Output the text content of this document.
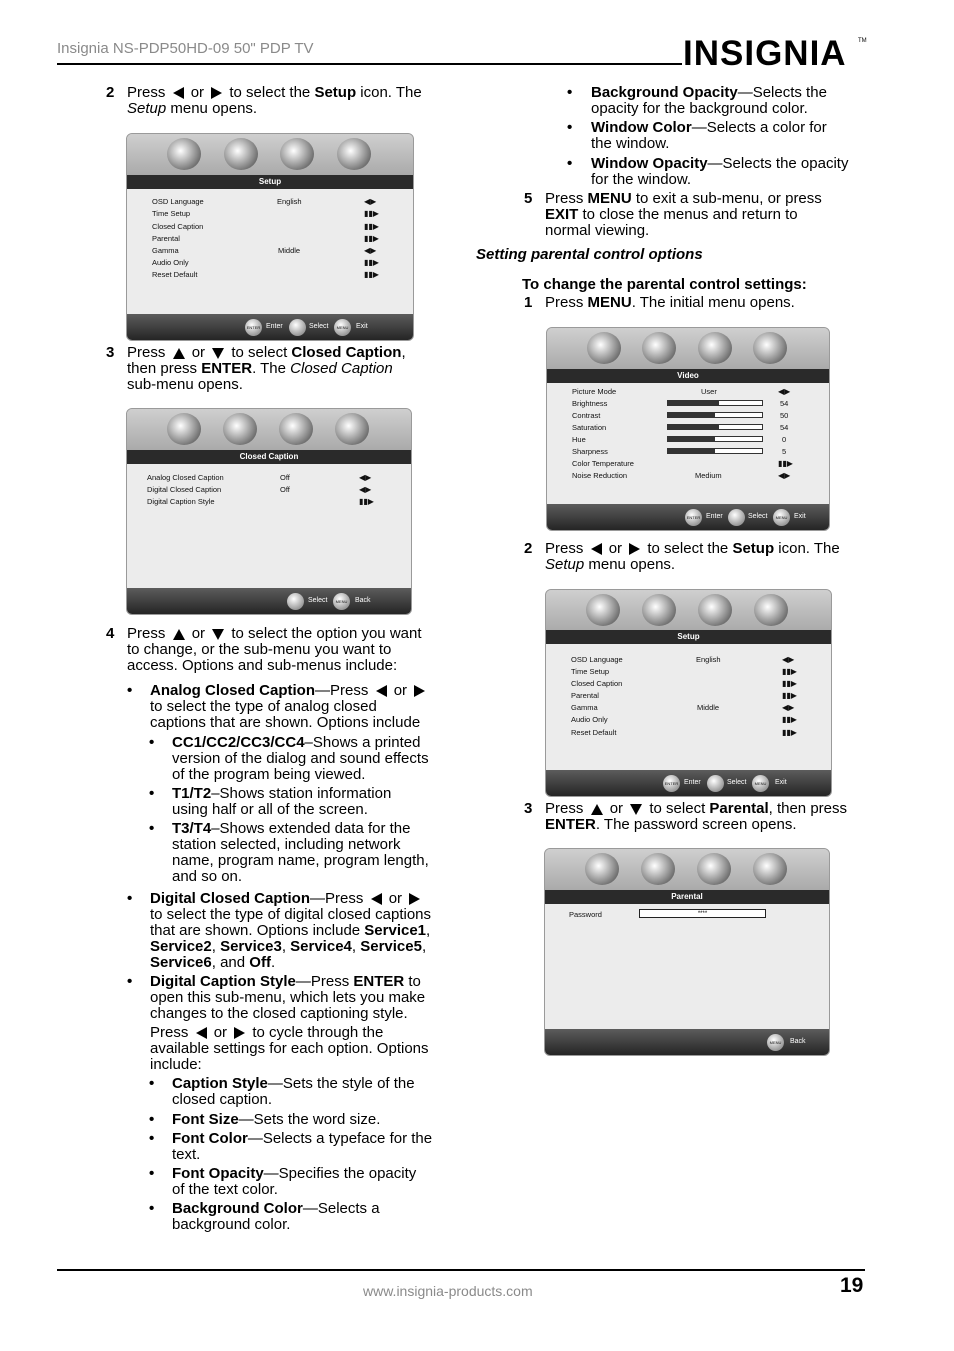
Insignia NS-PDP50HD-09 50" PDP TV	INSIGNIA TM
2 Press or to select the Setup icon. The
Setup menu opens.
Setup
OSD Language	English	◀▶
Time Setup	▮▮▶
Closed Caption	▮▮▶
Parental	▮▮▶
Gamma	Middle	◀▶
Audio Only	▮▮▶
Reset Default	▮▮▶
ENTER Enter	Select	MENU	Exit
3 Press or to select Closed Caption,
then press ENTER. The Closed Caption
sub-menu opens.
Closed Caption
Analog Closed Caption	Off	◀▶
Digital Closed Caption	Off	◀▶
Digital Caption Style	▮▮▶
Select	MENU	Back
4 Press or to select the option you want
to change, or the sub-menu you want to
access. Options and sub-menus include:
• Analog Closed Caption—Press or
to select the type of analog closed
captions that are shown. Options include
• CC1/CC2/CC3/CC4–Shows a printed
version of the dialog and sound effects
of the program being viewed.
• T1/T2–Shows station information
using half or all of the screen.
• T3/T4–Shows extended data for the
station selected, including network
name, program name, program length,
and so on.
• Digital Closed Caption—Press or
to select the type of digital closed captions
that are shown. Options include Service1,
Service2, Service3, Service4, Service5,
Service6, and Off.
• Digital Caption Style—Press ENTER to
open this sub-menu, which lets you make
changes to the closed captioning style.
Press or to cycle through the
available settings for each option. Options
include:
• Caption Style—Sets the style of the
closed caption.
• Font Size—Sets the word size.
• Font Color—Selects a typeface for the
text.
• Font Opacity—Specifies the opacity
of the text color.
• Background Color—Selects a
background color.
• Background Opacity—Selects the
opacity for the background color.
• Window Color—Selects a color for
the window.
• Window Opacity—Selects the opacity
for the window.
5 Press MENU to exit a sub-menu, or press
EXIT to close the menus and return to
normal viewing.
Setting parental control options
To change the parental control settings:
1 Press MENU. The initial menu opens.
Video
Picture Mode	User	◀▶
Brightness	54
Contrast	50
Saturation	54
Hue	0
Sharpness	5
Color Temperature	▮▮▶
Noise Reduction	Medium	◀▶
ENTER Enter	Select	MENU Exit
2 Press or to select the Setup icon. The
Setup menu opens.
Setup
OSD Language	English	◀▶
Time Setup	▮▮▶
Closed Caption	▮▮▶
Parental	▮▮▶
Gamma	Middle	◀▶
Audio Only	▮▮▶
Reset Default	▮▮▶
ENTER Enter	Select	MENU	Exit
3 Press or to select Parental, then press
ENTER. The password screen opens.
Parental
Password	****
MENU	Back
www.insignia-products.com	19
